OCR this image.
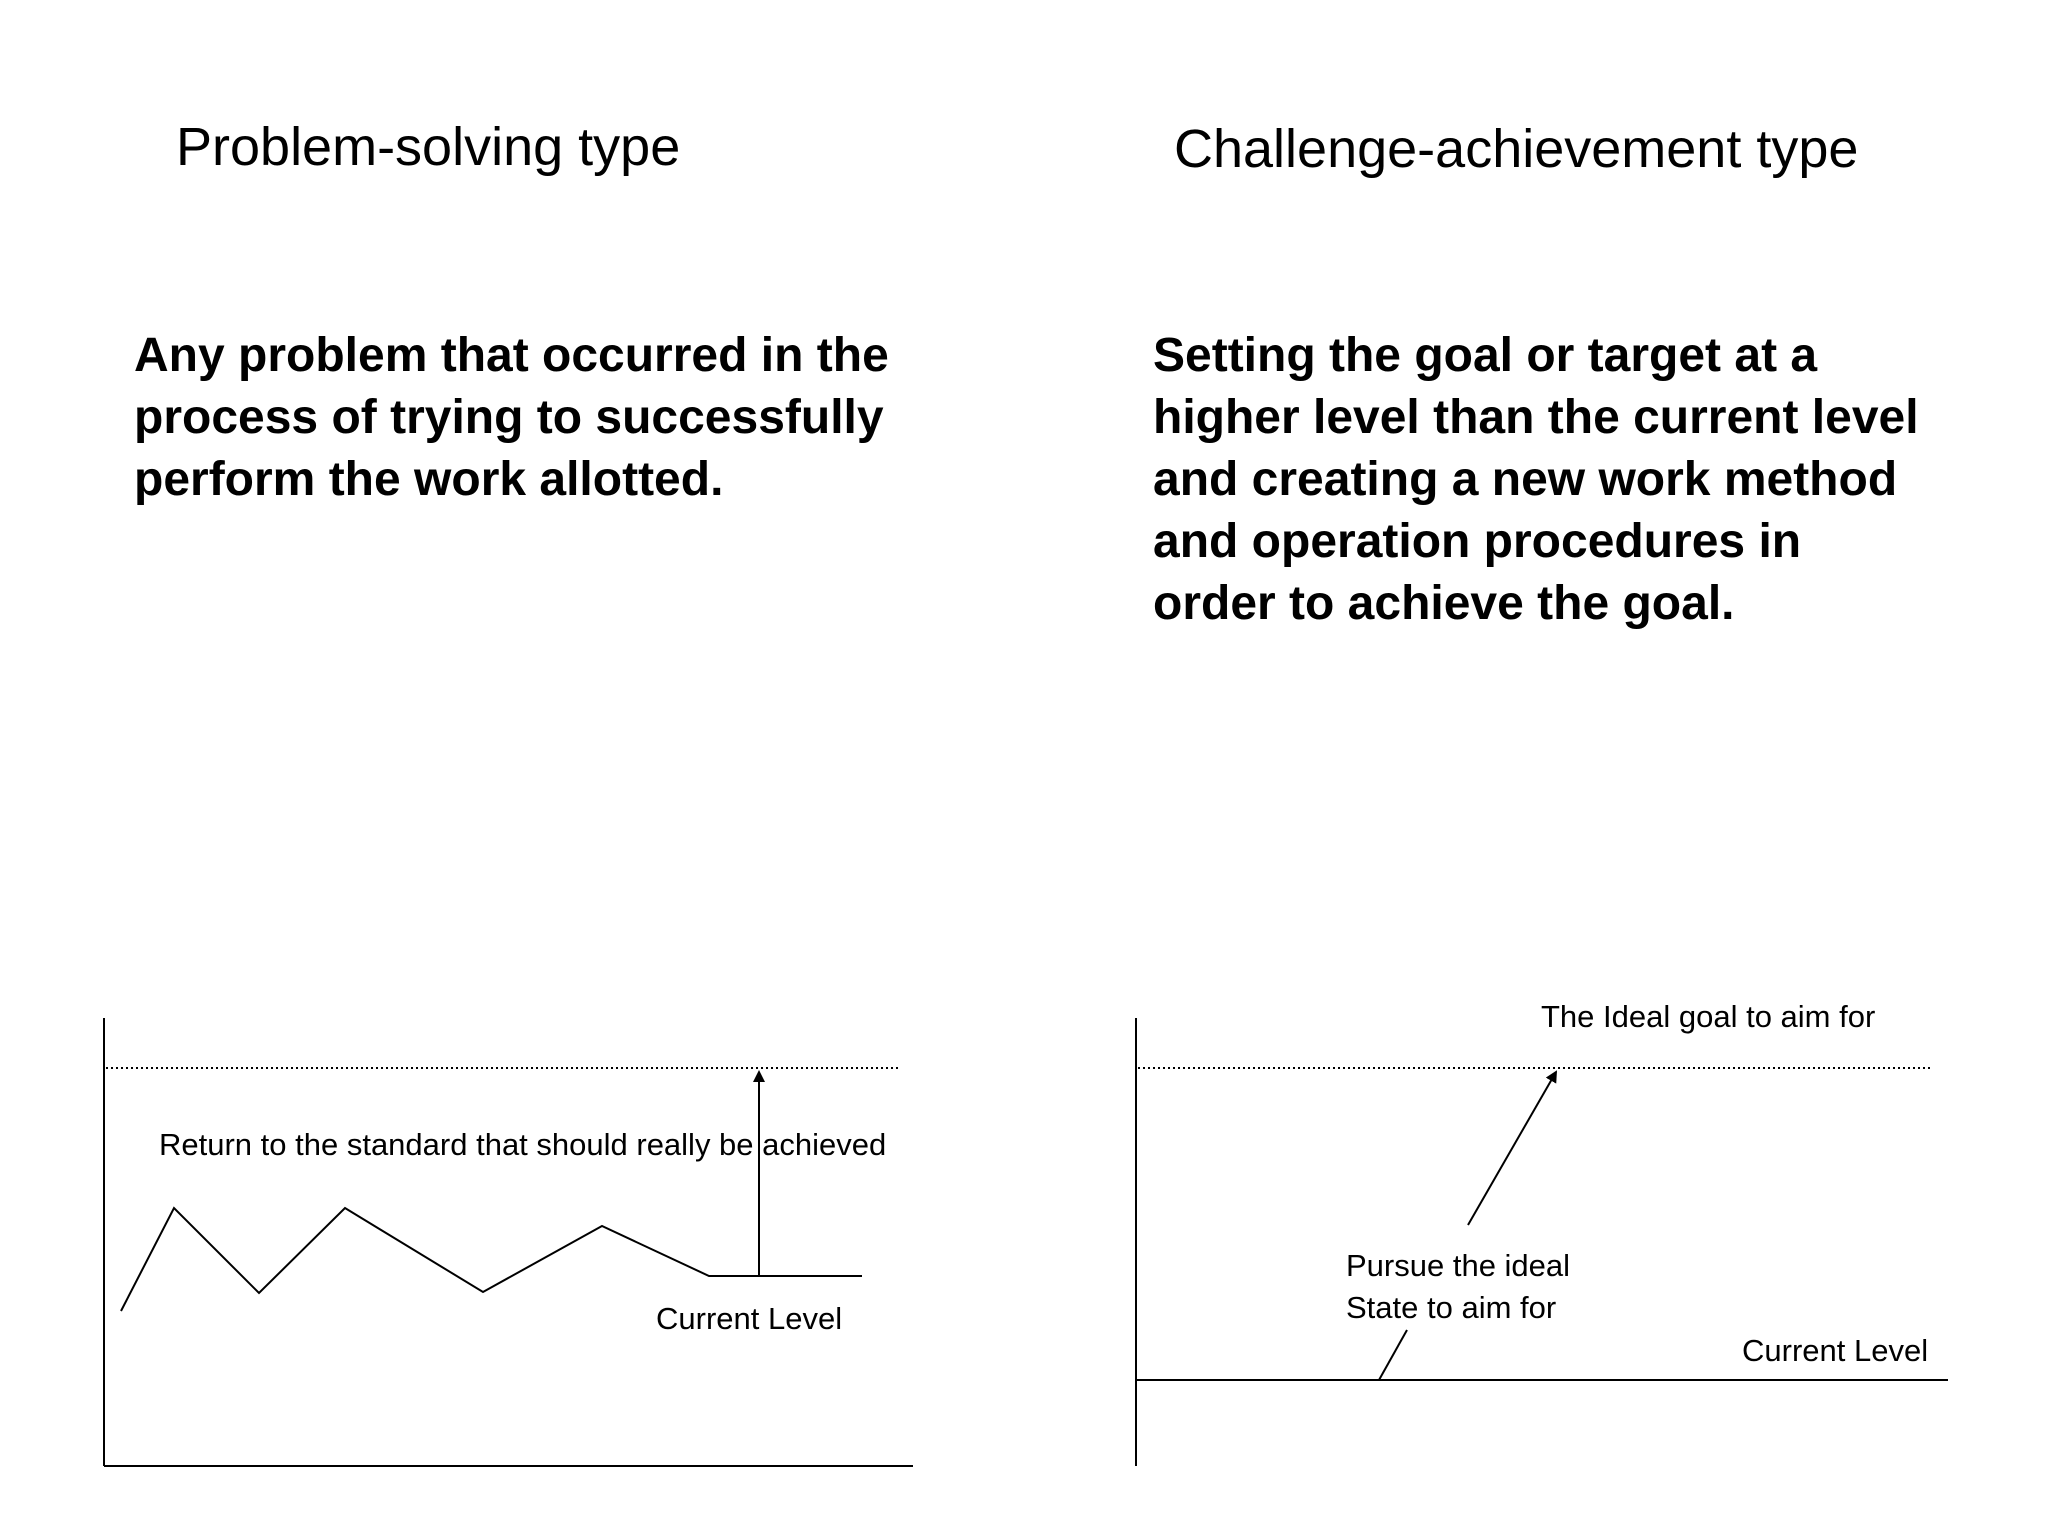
Problem-solving type
Any problem that occurred in the process of trying to successfully perform the work allotted.
Challenge-achievement type
Setting the goal or target at a higher level than the current level and creating a new work method and operation procedures in order to achieve the goal.
Return to the standard that should really be achieved
Current Level
The Ideal goal to aim for
Pursue the ideal
State to aim for
Current Level
